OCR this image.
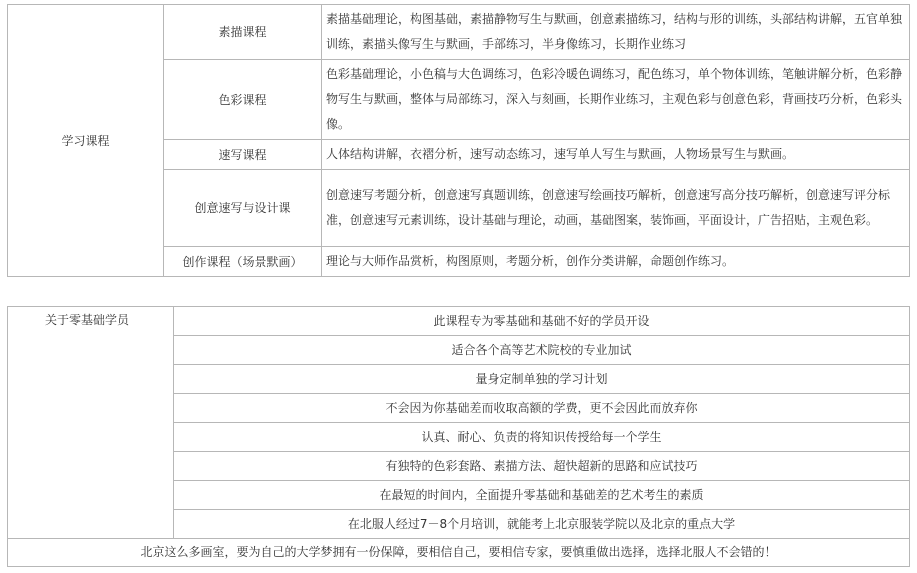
学习课程	素描课程	素描基础理论，构图基础，素描静物写生与默画，创意素描练习，结构与形的训练，头部结构讲解，五官单独训练，素描头像写生与默画，手部练习，半身像练习，长期作业练习
	色彩课程	色彩基础理论，小色稿与大色调练习，色彩冷暖色调练习，配色练习，单个物体训练，笔触讲解分析，色彩静物写生与默画，整体与局部练习，深入与刻画，长期作业练习，主观色彩与创意色彩，背画技巧分析，色彩头像。
	速写课程	人体结构讲解，衣褶分析，速写动态练习，速写单人写生与默画，人物场景写生与默画。
	创意速写与设计课	创意速写考题分析，创意速写真题训练，创意速写绘画技巧解析，创意速写高分技巧解析，创意速写评分标准，创意速写元素训练，设计基础与理论，动画，基础图案，装饰画，平面设计，广告招贴，主观色彩。
	创作课程（场景默画）	理论与大师作品赏析，构图原则，考题分析，创作分类讲解，命题创作练习。
关于零基础学员	此课程专为零基础和基础不好的学员开设
适合各个高等艺术院校的专业加试
量身定制单独的学习计划
不会因为你基础差而收取高额的学费，更不会因此而放弃你
认真、耐心、负责的将知识传授给每一个学生
有独特的色彩套路、素描方法、超快超新的思路和应试技巧
在最短的时间内，全面提升零基础和基础差的艺术考生的素质
在北服人经过7－8个月培训，就能考上北京服装学院以及北京的重点大学
北京这么多画室，要为自己的大学梦拥有一份保障，要相信自己，要相信专家，要慎重做出选择，选择北服人不会错的！
